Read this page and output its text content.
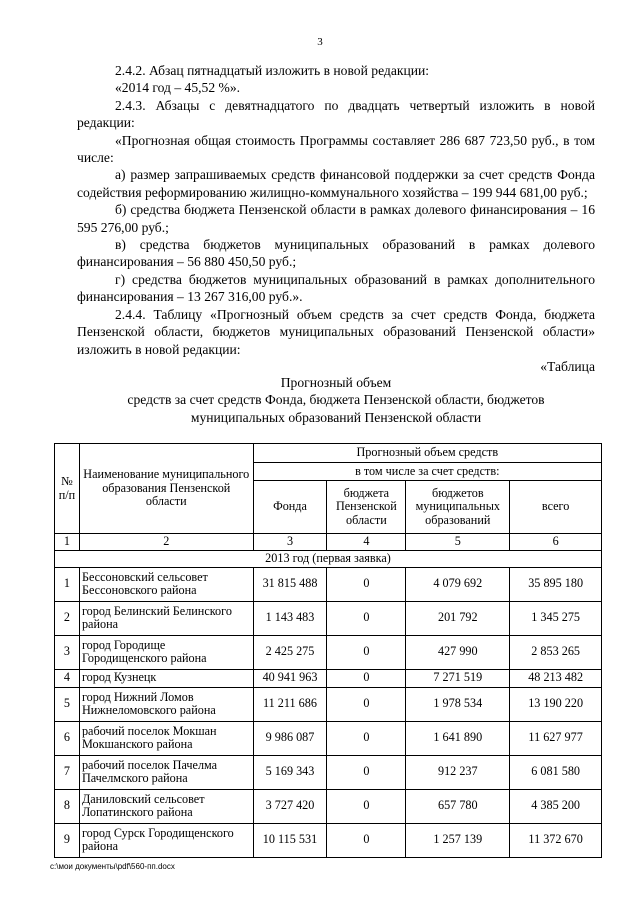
3

2.4.2. Абзац пятнадцатый изложить в новой редакции:

«2014 год – 45,52 %».

2.4.3. Абзацы с девятнадцатого по двадцать четвертый изложить в новой редакции:

«Прогнозная общая стоимость Программы составляет 286 687 723,50 руб., в том числе:

а) размер запрашиваемых средств финансовой поддержки за счет средств Фонда содействия реформированию жилищно-коммунального хозяйства – 199 944 681,00 руб.;

б) средства бюджета Пензенской области в рамках долевого финансирования – 16 595 276,00 руб.;

в) средства бюджетов муниципальных образований в рамках долевого финансирования – 56 880 450,50 руб.;

г) средства бюджетов муниципальных образований в рамках дополнительного финансирования – 13 267 316,00 руб.».

2.4.4. Таблицу «Прогнозный объем средств за счет средств Фонда, бюджета Пензенской области, бюджетов муниципальных образований Пензенской области» изложить в новой редакции:

«Таблица

Прогнозный объем

средств за счет средств Фонда, бюджета Пензенской области, бюджетов

муниципальных образований Пензенской области

№ п/п	Наименование муниципального образования Пензенской области	Прогнозный объем средств			
		в том числе за счет средств:			
		Фонда	бюджета Пензенской области	бюджетов муниципальных образований	всего
1	2	3	4	5	6
2013 год (первая заявка)					
1	Бессоновский сельсовет Бессоновского района	31 815 488	0	4 079 692	35 895 180
2	город Белинский Белинского района	1 143 483	0	201 792	1 345 275
3	город Городище Городищенского района	2 425 275	0	427 990	2 853 265
4	город Кузнецк	40 941 963	0	7 271 519	48 213 482
5	город Нижний Ломов Нижнеломовского района	11 211 686	0	1 978 534	13 190 220
6	рабочий поселок Мокшан Мокшанского района	9 986 087	0	1 641 890	11 627 977
7	рабочий поселок Пачелма Пачелмского района	5 169 343	0	912 237	6 081 580
8	Даниловский сельсовет Лопатинского района	3 727 420	0	657 780	4 385 200
9	город Сурск Городищенского района	10 115 531	0	1 257 139	11 372 670
c:\мои документы\pdf\560-пп.docx
